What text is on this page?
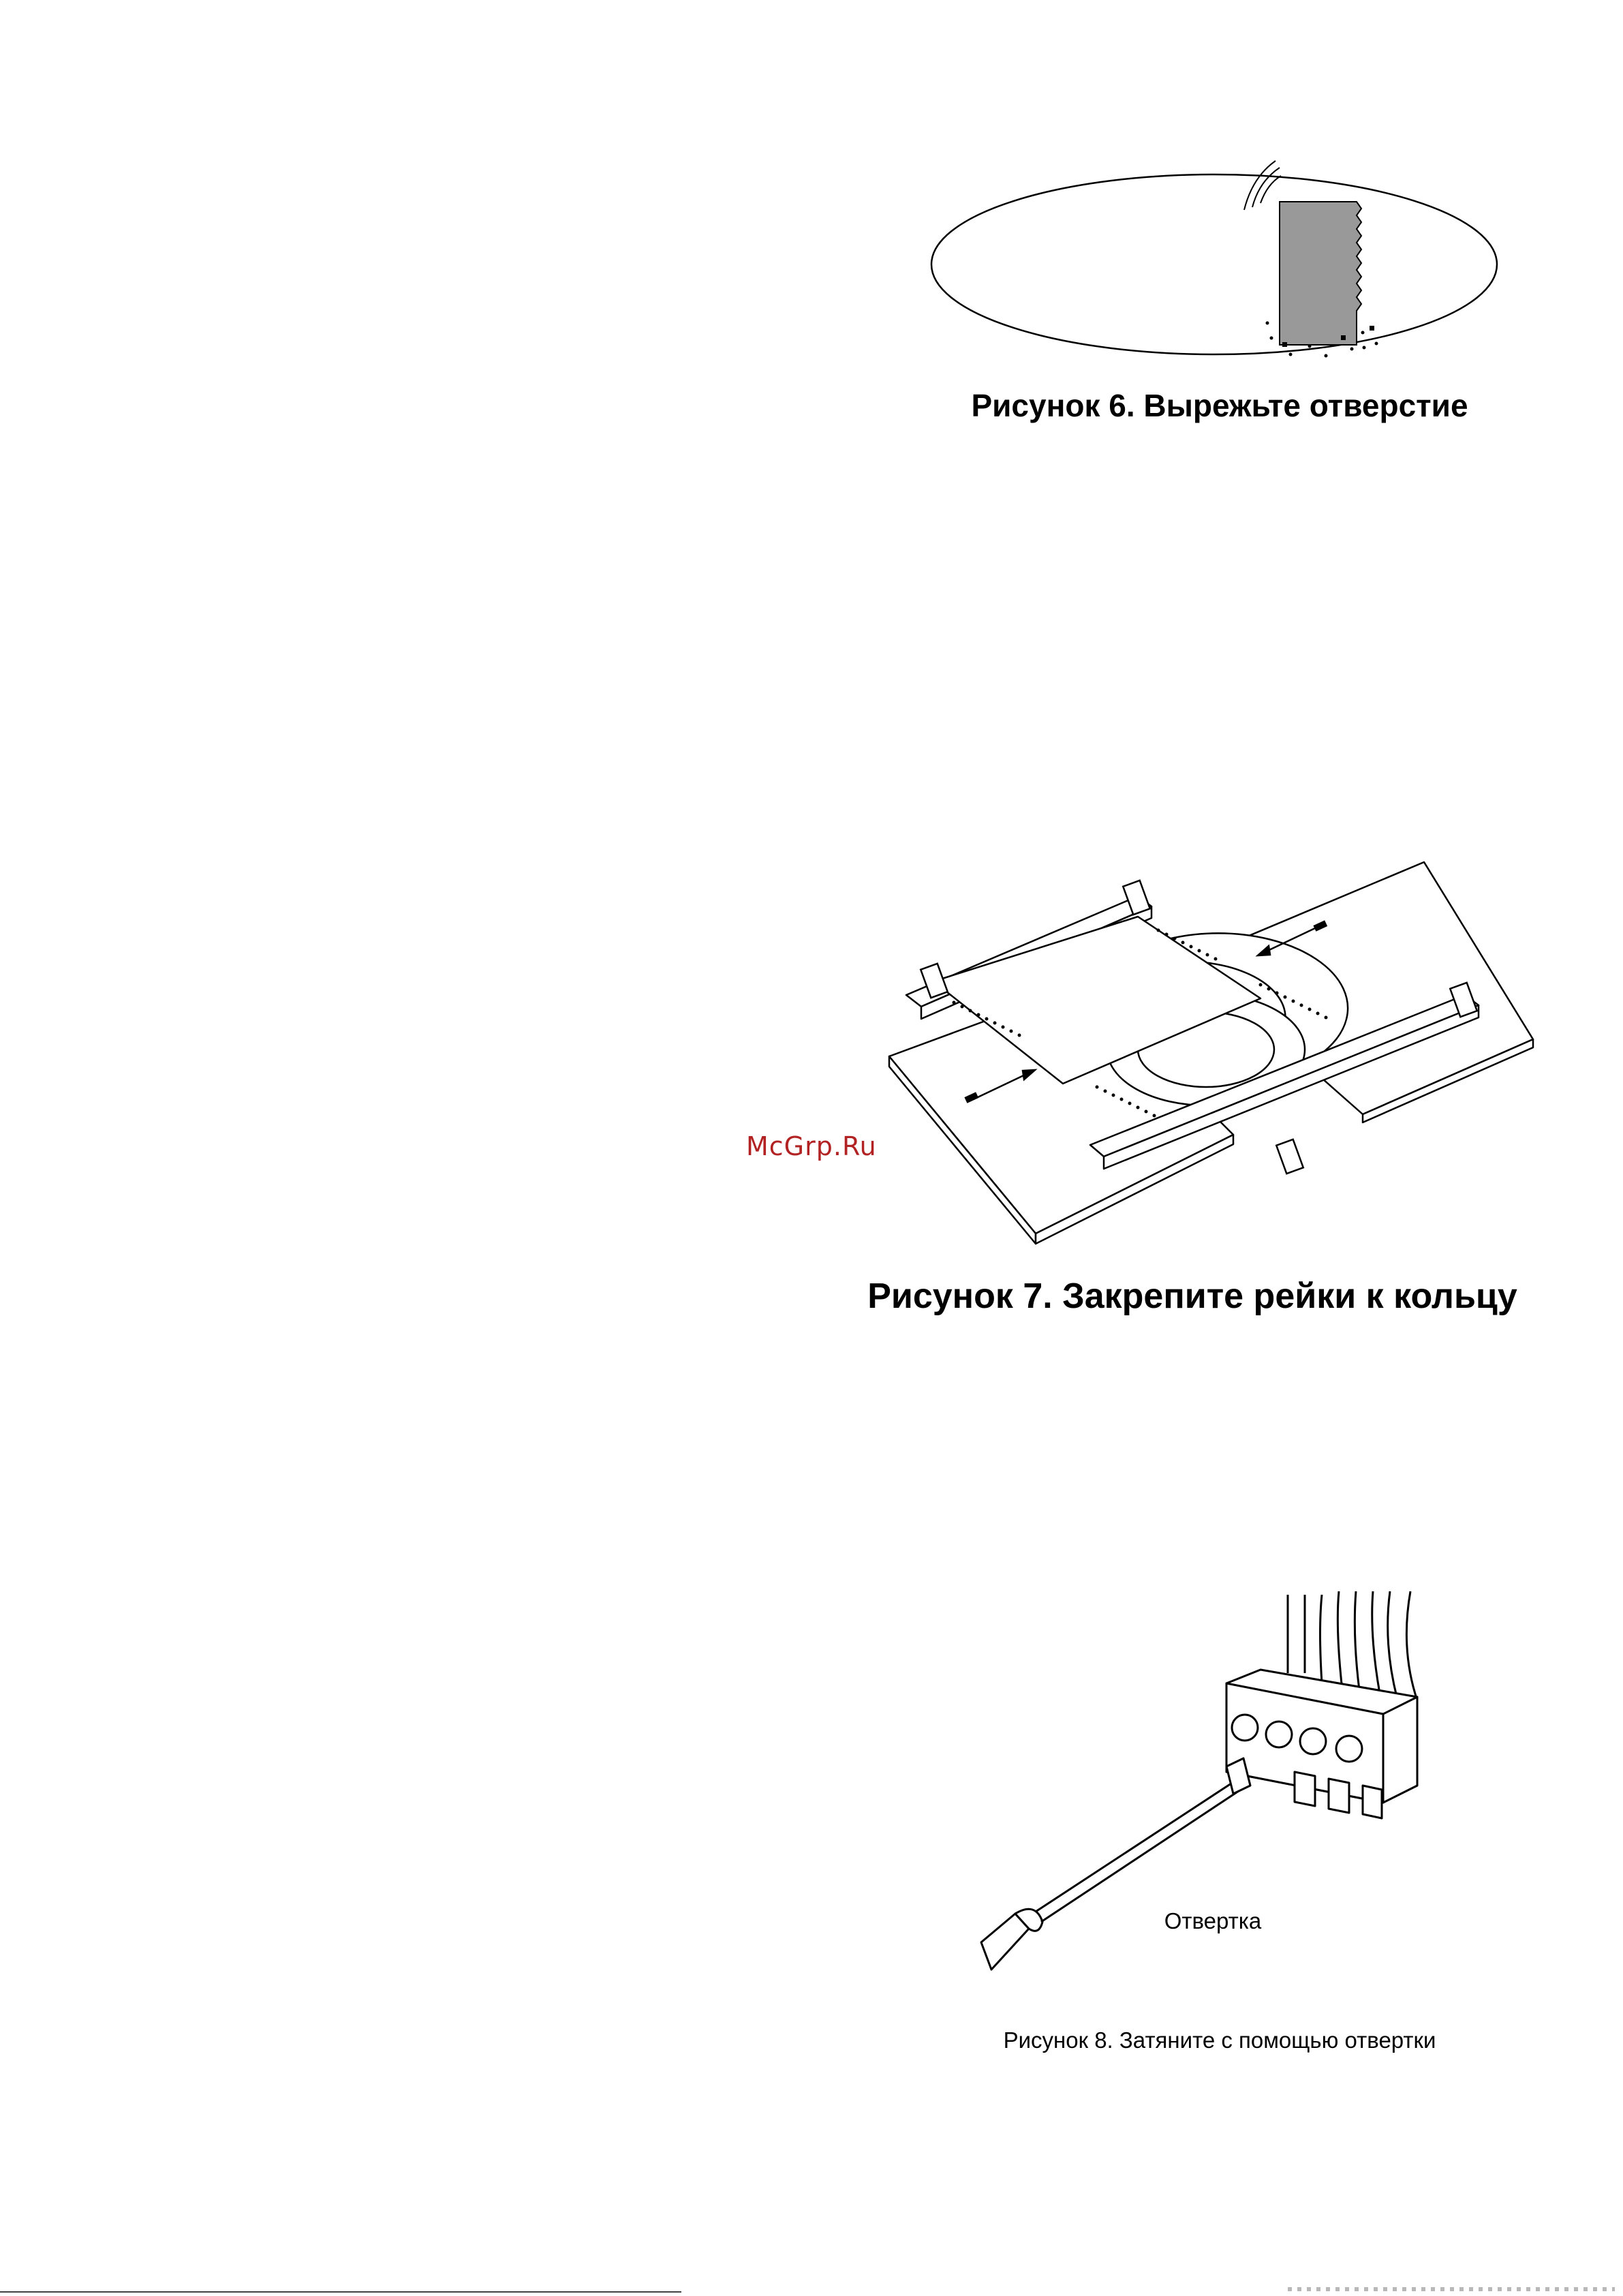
Рисунок 6. Вырежьте отверстие
Рисунок 7. Закрепите рейки к кольцу
McGrp.Ru
Отвертка
Рисунок 8. Затяните с помощью отвертки
